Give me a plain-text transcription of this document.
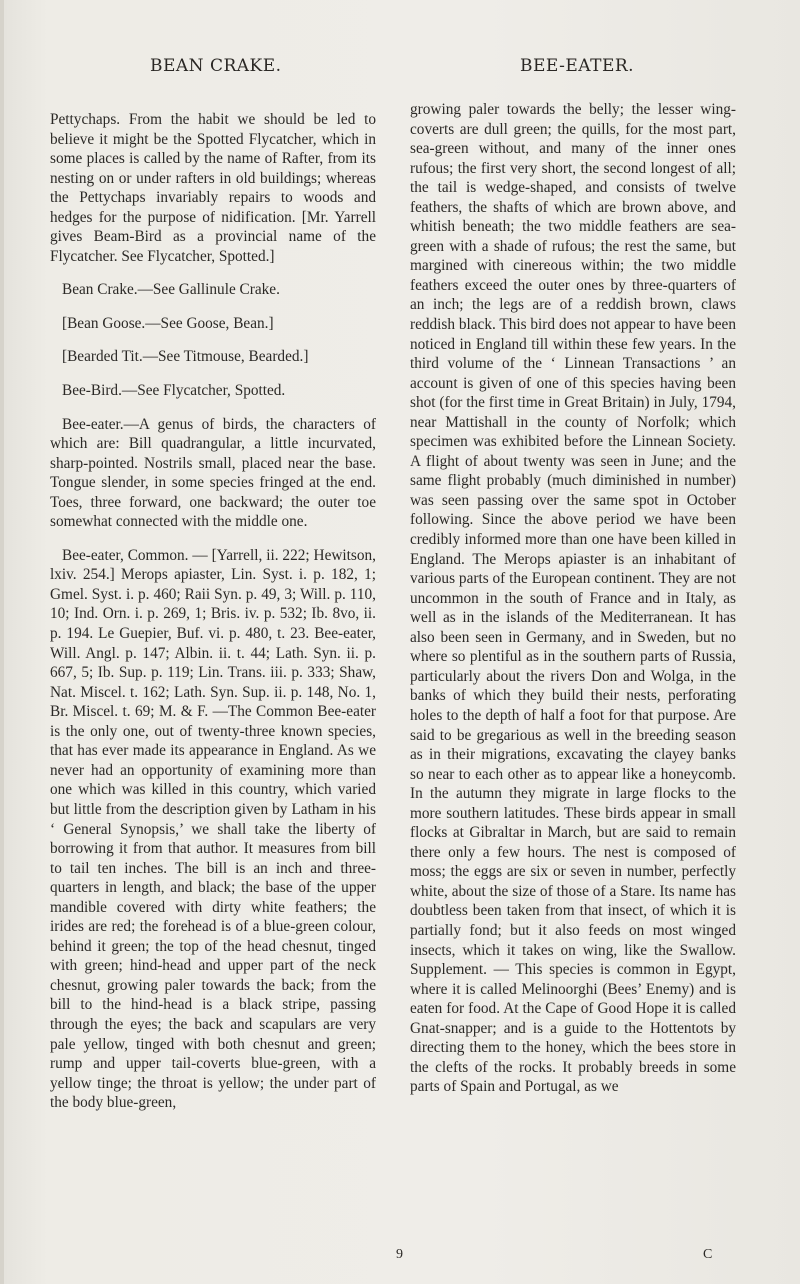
BEAN CRAKE.	BEE-EATER.

Pettychaps. From the habit we should be led to believe it might be the Spotted Flycatcher, which in some places is called by the name of Rafter, from its nesting on or under rafters in old buildings; whereas the Pettychaps invariably repairs to woods and hedges for the purpose of nidification. [Mr. Yarrell gives Beam-Bird as a provincial name of the Flycatcher. See Flycatcher, Spotted.]

Bean Crake.—See Gallinule Crake.

[Bean Goose.—See Goose, Bean.]

[Bearded Tit.—See Titmouse, Bearded.]

Bee-Bird.—See Flycatcher, Spotted.

Bee-eater.—A genus of birds, the characters of which are: Bill quadrangular, a little incurvated, sharp-pointed. Nostrils small, placed near the base. Tongue slender, in some species fringed at the end. Toes, three forward, one backward; the outer toe somewhat connected with the middle one.

Bee-eater, Common. — [Yarrell, ii. 222; Hewitson, lxiv. 254.] Merops apiaster, Lin. Syst. i. p. 182, 1; Gmel. Syst. i. p. 460; Raii Syn. p. 49, 3; Will. p. 110, 10; Ind. Orn. i. p. 269, 1; Bris. iv. p. 532; Ib. 8vo, ii. p. 194. Le Guepier, Buf. vi. p. 480, t. 23. Bee-eater, Will. Angl. p. 147; Albin. ii. t. 44; Lath. Syn. ii. p. 667, 5; Ib. Sup. p. 119; Lin. Trans. iii. p. 333; Shaw, Nat. Miscel. t. 162; Lath. Syn. Sup. ii. p. 148, No. 1, Br. Miscel. t. 69; M. & F. —The Common Bee-eater is the only one, out of twenty-three known species, that has ever made its appearance in England. As we never had an opportunity of examining more than one which was killed in this country, which varied but little from the description given by Latham in his ‘ General Synopsis,’ we shall take the liberty of borrowing it from that author. It measures from bill to tail ten inches. The bill is an inch and three-quarters in length, and black; the base of the upper mandible covered with dirty white feathers; the irides are red; the forehead is of a blue-green colour, behind it green; the top of the head chesnut, tinged with green; hind-head and upper part of the neck chesnut, growing paler towards the back; from the bill to the hind-head is a black stripe, passing through the eyes; the back and scapulars are very pale yellow, tinged with both chesnut and green; rump and upper tail-coverts blue-green, with a yellow tinge; the throat is yellow; the under part of the body blue-green,

growing paler towards the belly; the lesser wing-coverts are dull green; the quills, for the most part, sea-green without, and many of the inner ones rufous; the first very short, the second longest of all; the tail is wedge-shaped, and consists of twelve feathers, the shafts of which are brown above, and whitish beneath; the two middle feathers are sea-green with a shade of rufous; the rest the same, but margined with cinereous within; the two middle feathers exceed the outer ones by three-quarters of an inch; the legs are of a reddish brown, claws reddish black. This bird does not appear to have been noticed in England till within these few years. In the third volume of the ‘ Linnean Transactions ’ an account is given of one of this species having been shot (for the first time in Great Britain) in July, 1794, near Mattishall in the county of Norfolk; which specimen was exhibited before the Linnean Society. A flight of about twenty was seen in June; and the same flight probably (much diminished in number) was seen passing over the same spot in October following. Since the above period we have been credibly informed more than one have been killed in England. The Merops apiaster is an inhabitant of various parts of the European continent. They are not uncommon in the south of France and in Italy, as well as in the islands of the Mediterranean. It has also been seen in Germany, and in Sweden, but no where so plentiful as in the southern parts of Russia, particularly about the rivers Don and Wolga, in the banks of which they build their nests, perforating holes to the depth of half a foot for that purpose. Are said to be gregarious as well in the breeding season as in their migrations, excavating the clayey banks so near to each other as to appear like a honeycomb. In the autumn they migrate in large flocks to the more southern latitudes. These birds appear in small flocks at Gibraltar in March, but are said to remain there only a few hours. The nest is composed of moss; the eggs are six or seven in number, perfectly white, about the size of those of a Stare. Its name has doubtless been taken from that insect, of which it is partially fond; but it also feeds on most winged insects, which it takes on wing, like the Swallow. Supplement. — This species is common in Egypt, where it is called Melinoorghi (Bees’ Enemy) and is eaten for food. At the Cape of Good Hope it is called Gnat-snapper; and is a guide to the Hottentots by directing them to the honey, which the bees store in the clefts of the rocks. It probably breeds in some parts of Spain and Portugal, as we

9	C
